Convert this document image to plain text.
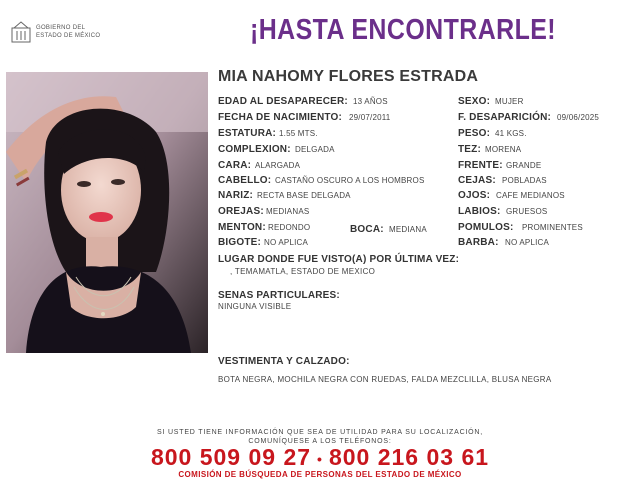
GOBIERNO DEL
ESTADO DE MÉXICO	¡HASTA ENCONTRARLE!
MIA NAHOMY FLORES ESTRADA
EDAD AL DESAPARECER: 13 AÑOS
FECHA DE NACIMIENTO: 29/07/2011
ESTATURA: 1.55 MTS.
COMPLEXION: DELGADA
CARA: ALARGADA
CABELLO: CASTAÑO OSCURO A LOS HOMBROS
NARIZ: RECTA BASE DELGADA
OREJAS: MEDIANAS
MENTON: REDONDO	BOCA: MEDIANA
BIGOTE: NO APLICA
SEXO: MUJER
F. DESAPARICIÓN: 09/06/2025
PESO: 41 KGS.
TEZ: MORENA
FRENTE: GRANDE
CEJAS: POBLADAS
OJOS: CAFE MEDIANOS
LABIOS: GRUESOS
POMULOS: PROMINENTES
BARBA: NO APLICA
LUGAR DONDE FUE VISTO(A) POR ÚLTIMA VEZ:
, TEMAMATLA, ESTADO DE MEXICO
SENAS PARTICULARES:
NINGUNA VISIBLE
VESTIMENTA Y CALZADO:
BOTA NEGRA, MOCHILA NEGRA CON RUEDAS, FALDA MEZCLILLA, BLUSA NEGRA
SI USTED TIENE INFORMACIÓN QUE SEA DE UTILIDAD PARA SU LOCALIZACIÓN,
COMUNÍQUESE A LOS TELÉFONOS:
800 509 09 27 • 800 216 03 61
COMISIÓN DE BÚSQUEDA DE PERSONAS DEL ESTADO DE MÉXICO
